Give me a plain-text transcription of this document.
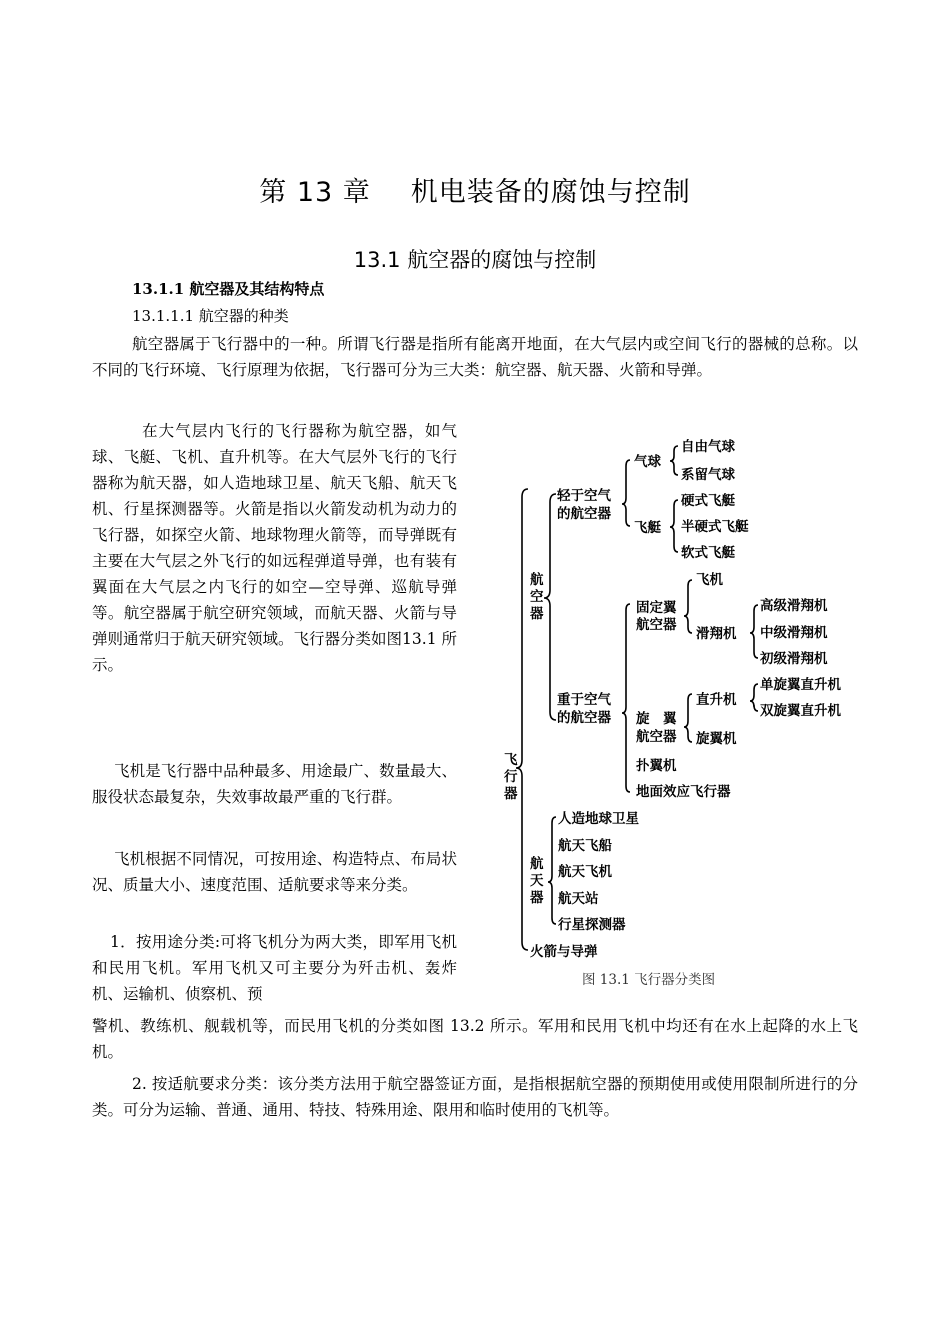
第 13 章 机电装备的腐蚀与控制
13.1 航空器的腐蚀与控制
13.1.1 航空器及其结构特点
13.1.1.1 航空器的种类

航空器属于飞行器中的一种。所谓飞行器是指所有能离开地面，在大气层内或空间飞行的器械的总称。以不同的飞行环境、飞行原理为依据，飞行器可分为三大类：航空器、航天器、火箭和导弹。

在大气层内飞行的飞行器称为航空器，如气球、飞艇、飞机、直升机等。在大气层外飞行的飞行器称为航天器，如人造地球卫星、航天飞船、航天飞机、行星探测器等。火箭是指以火箭发动机为动力的飞行器，如探空火箭、地球物理火箭等，而导弹既有主要在大气层之外飞行的如远程弹道导弹，也有装有翼面在大气层之内飞行的如空—空导弹、巡航导弹等。航空器属于航空研究领域，而航天器、火箭与导弹则通常归于航天研究领域。飞行器分类如图13.1 所示。

飞机是飞行器中品种最多、用途最广、数量最大、服役状态最复杂，失效事故最严重的飞行群。

飞机根据不同情况，可按用途、构造特点、布局状况、质量大小、速度范围、适航要求等来分类。

1．按用途分类:可将飞机分为两大类，即军用飞机和民用飞机。军用飞机又可主要分为歼击机、轰炸机、运输机、侦察机、预

警机、教练机、舰载机等，而民用飞机的分类如图 13.2 所示。军用和民用飞机中均还有在水上起降的水上飞机。

2. 按适航要求分类：该分类方法用于航空器签证方面，是指根据航空器的预期使用或使用限制所进行的分类。可分为运输、普通、通用、特技、特殊用途、限用和临时使用的飞机等。

飞行器
航空器
航天器
火箭与导弹
轻于空气
的航空器
重于空气
的航空器
气球
飞艇
自由气球
系留气球
硬式飞艇
半硬式飞艇
软式飞艇
固定翼
航空器
飞机
滑翔机
高级滑翔机
中级滑翔机
初级滑翔机
旋　翼
航空器
直升机
旋翼机
单旋翼直升机
双旋翼直升机
扑翼机
地面效应飞行器
人造地球卫星
航天飞船
航天飞机
航天站
行星探测器
图 13.1 飞行器分类图
